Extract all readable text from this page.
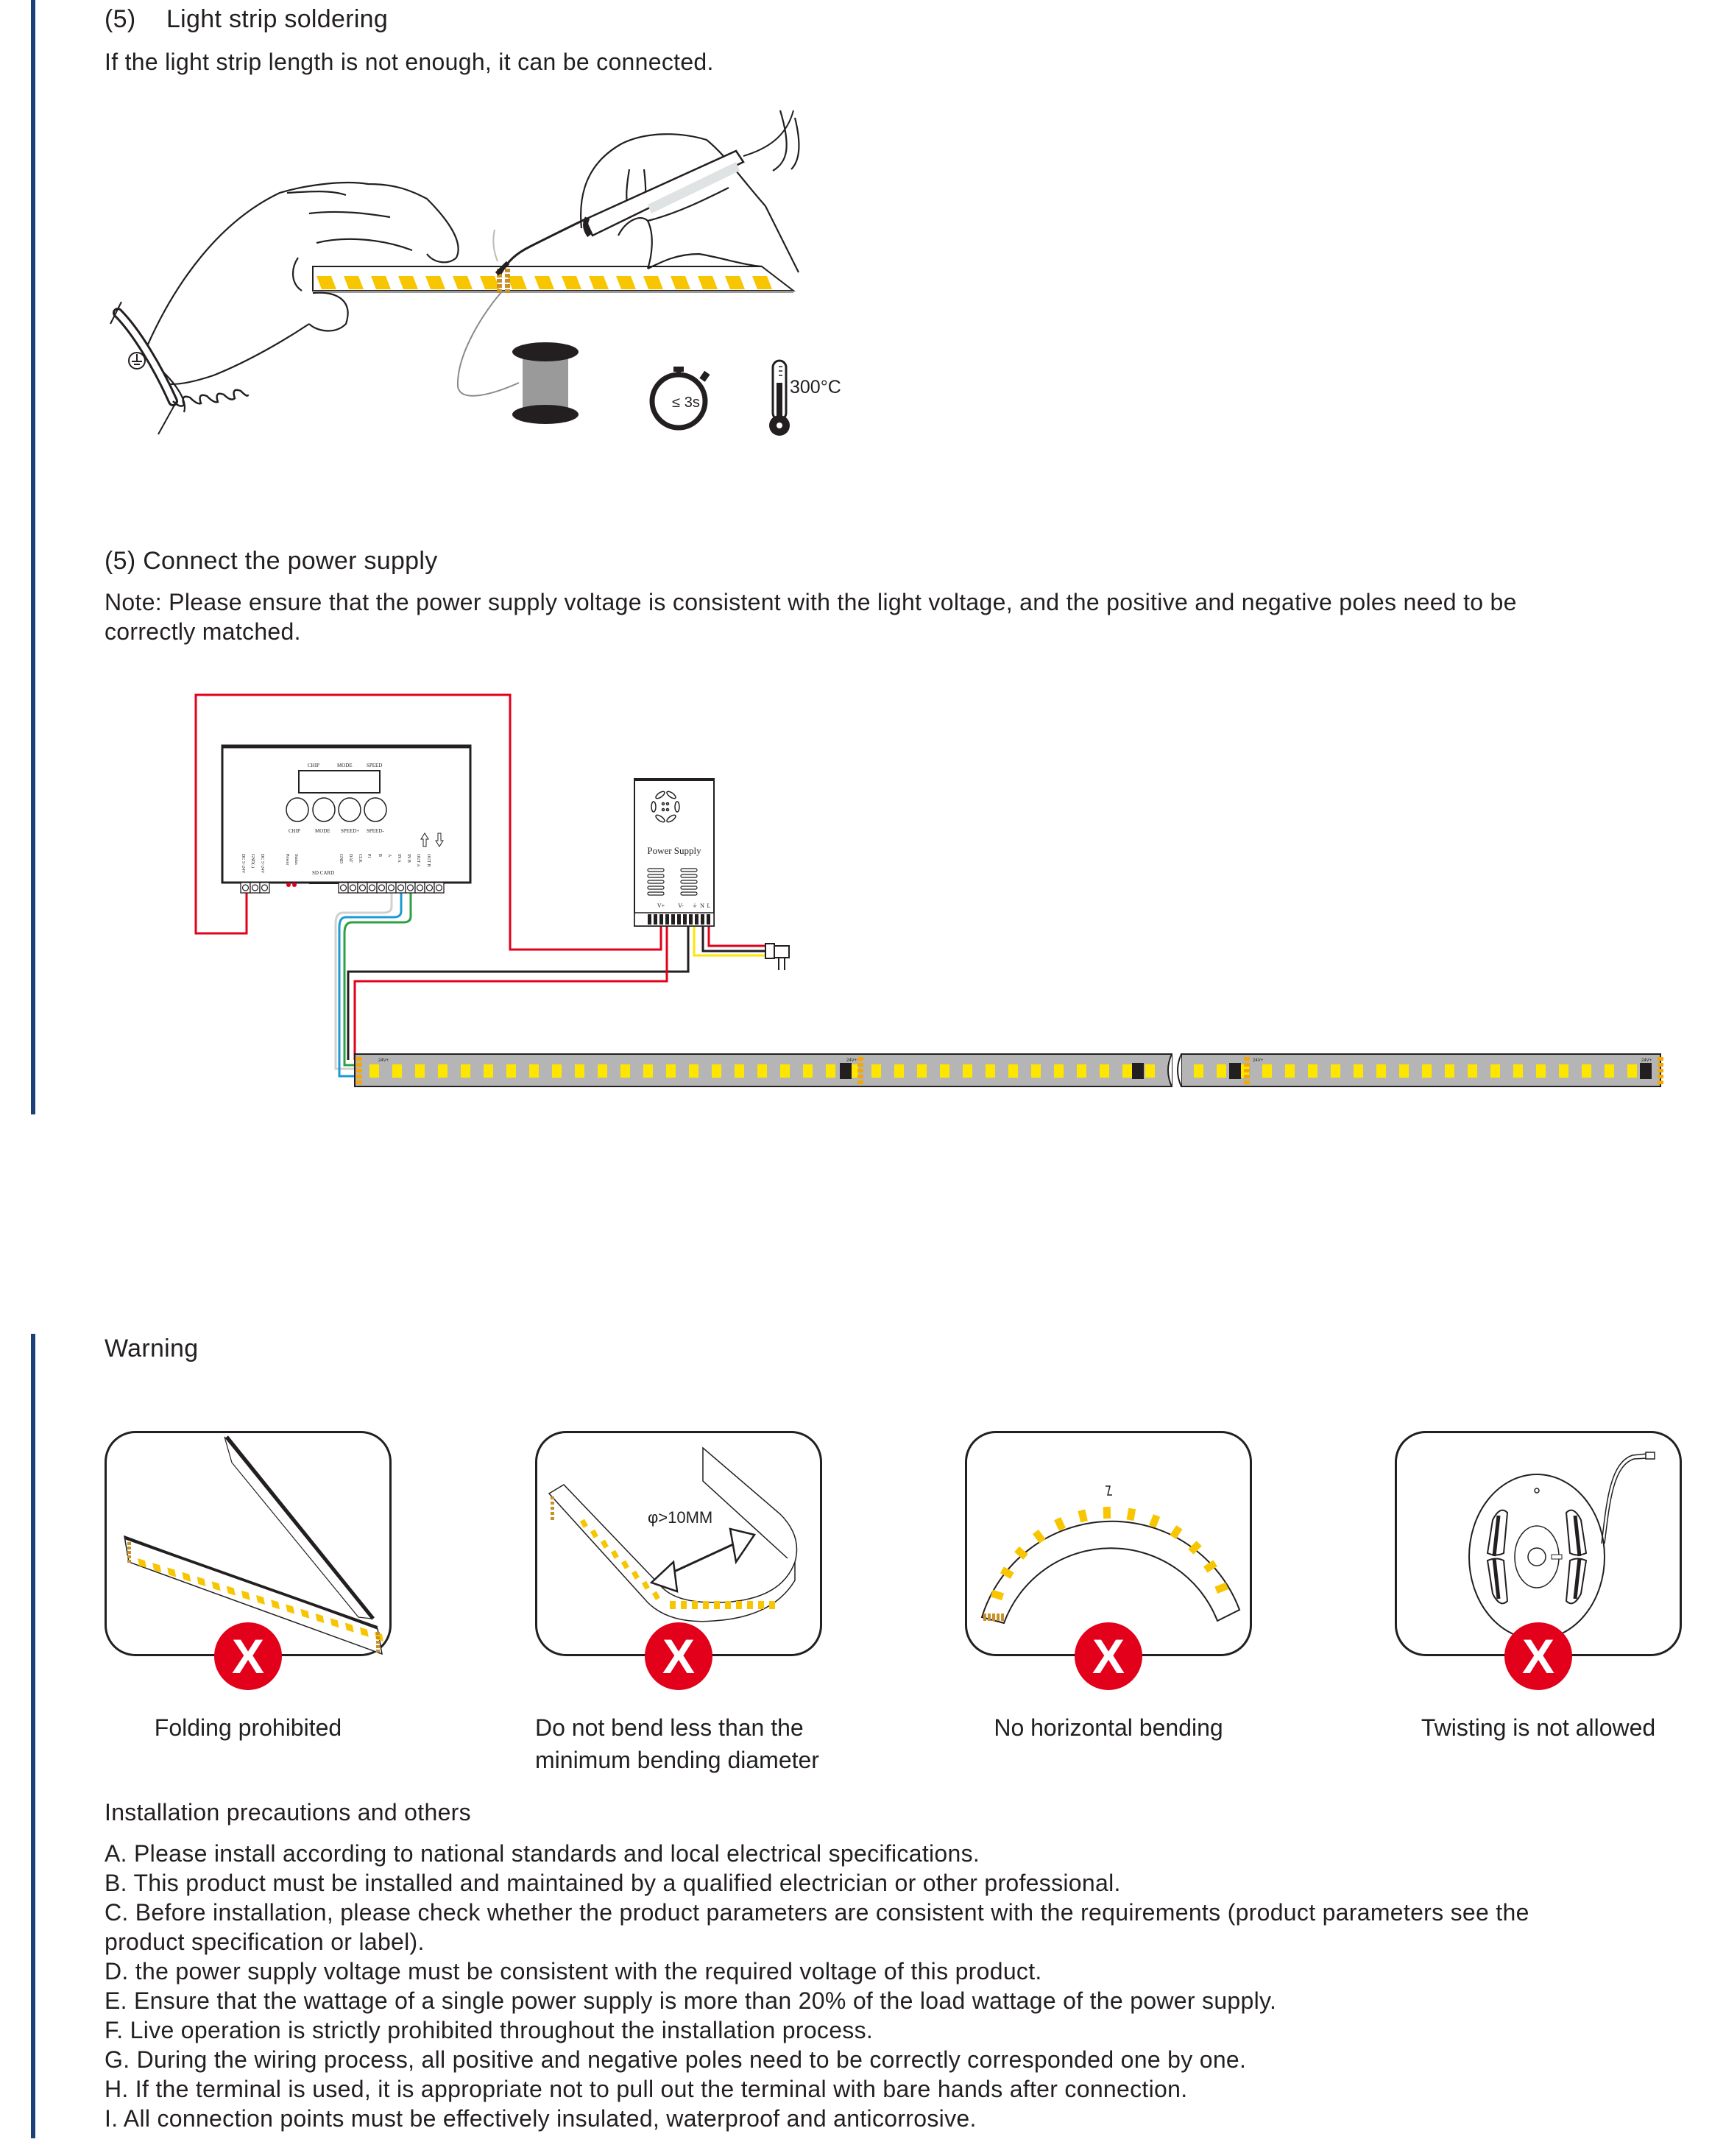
(5) Light strip soldering
If the light strip length is not enough, it can be connected.
≤ 3s
300°C
(5) Connect the power supply
Note: Please ensure that the power supply voltage is consistent with the light voltage, and the positive and negative poles need to be
correctly matched.
CHIP	MODE	SPEED
CHIP	MODE SPEED+ SPEED-
DC 5~24V GND(-) DC 5~24V	Power Status
SD CARD
GND DAT CLK PI B A IN A IN B OUT A OUT B
Power Supply
V+ V- ⏚ N L
24V+	24V+	24V+	24V+
Warning
X
Folding prohibited
φ>10MM
X
Do not bend less than the
minimum bending diameter
X
No horizontal bending
X
Twisting is not allowed
Installation precautions and others
A. Please install according to national standards and local electrical specifications.
B. This product must be installed and maintained by a qualified electrician or other professional.
C. Before installation, please check whether the product parameters are consistent with the requirements (product parameters see the
product specification or label).
D. the power supply voltage must be consistent with the required voltage of this product.
E. Ensure that the wattage of a single power supply is more than 20% of the load wattage of the power supply.
F. Live operation is strictly prohibited throughout the installation process.
G. During the wiring process, all positive and negative poles need to be correctly corresponded one by one.
H. If the terminal is used, it is appropriate not to pull out the terminal with bare hands after connection.
I. All connection points must be effectively insulated, waterproof and anticorrosive.
